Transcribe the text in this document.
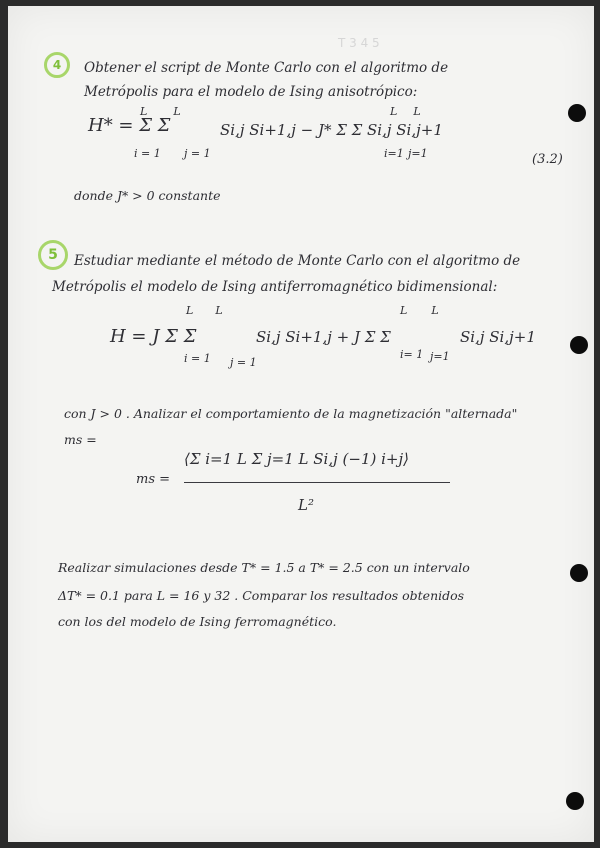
T 3 4 5
4	Obtener el script de Monte Carlo con el algoritmo de
Metrópolis para el modelo de Ising anisotrópico:
L L
H* = Σ Σ	Si,j Si+1,j − J* Σ Σ Si,j Si,j+1
L L
i = 1 j = 1	i=1 j=1	(3.2)
donde J* > 0 constante
5	Estudiar mediante el método de Monte Carlo con el algoritmo de
Metrópolis el modelo de Ising antiferromagnético bidimensional:
L L
H = J Σ Σ	Si,j Si+1,j + J Σ Σ
L L
Si,j Si,j+1
i = 1 j = 1
i= 1 j=1
con J > 0 . Analizar el comportamiento de la magnetización "alternada"
ms =
ms =
⟨Σ i=1 L Σ j=1 L Si,j (−1) i+j⟩
L²
Realizar simulaciones desde T* = 1.5 a T* = 2.5 con un intervalo
ΔT* = 0.1 para L = 16 y 32 . Comparar los resultados obtenidos
con los del modelo de Ising ferromagnético.
